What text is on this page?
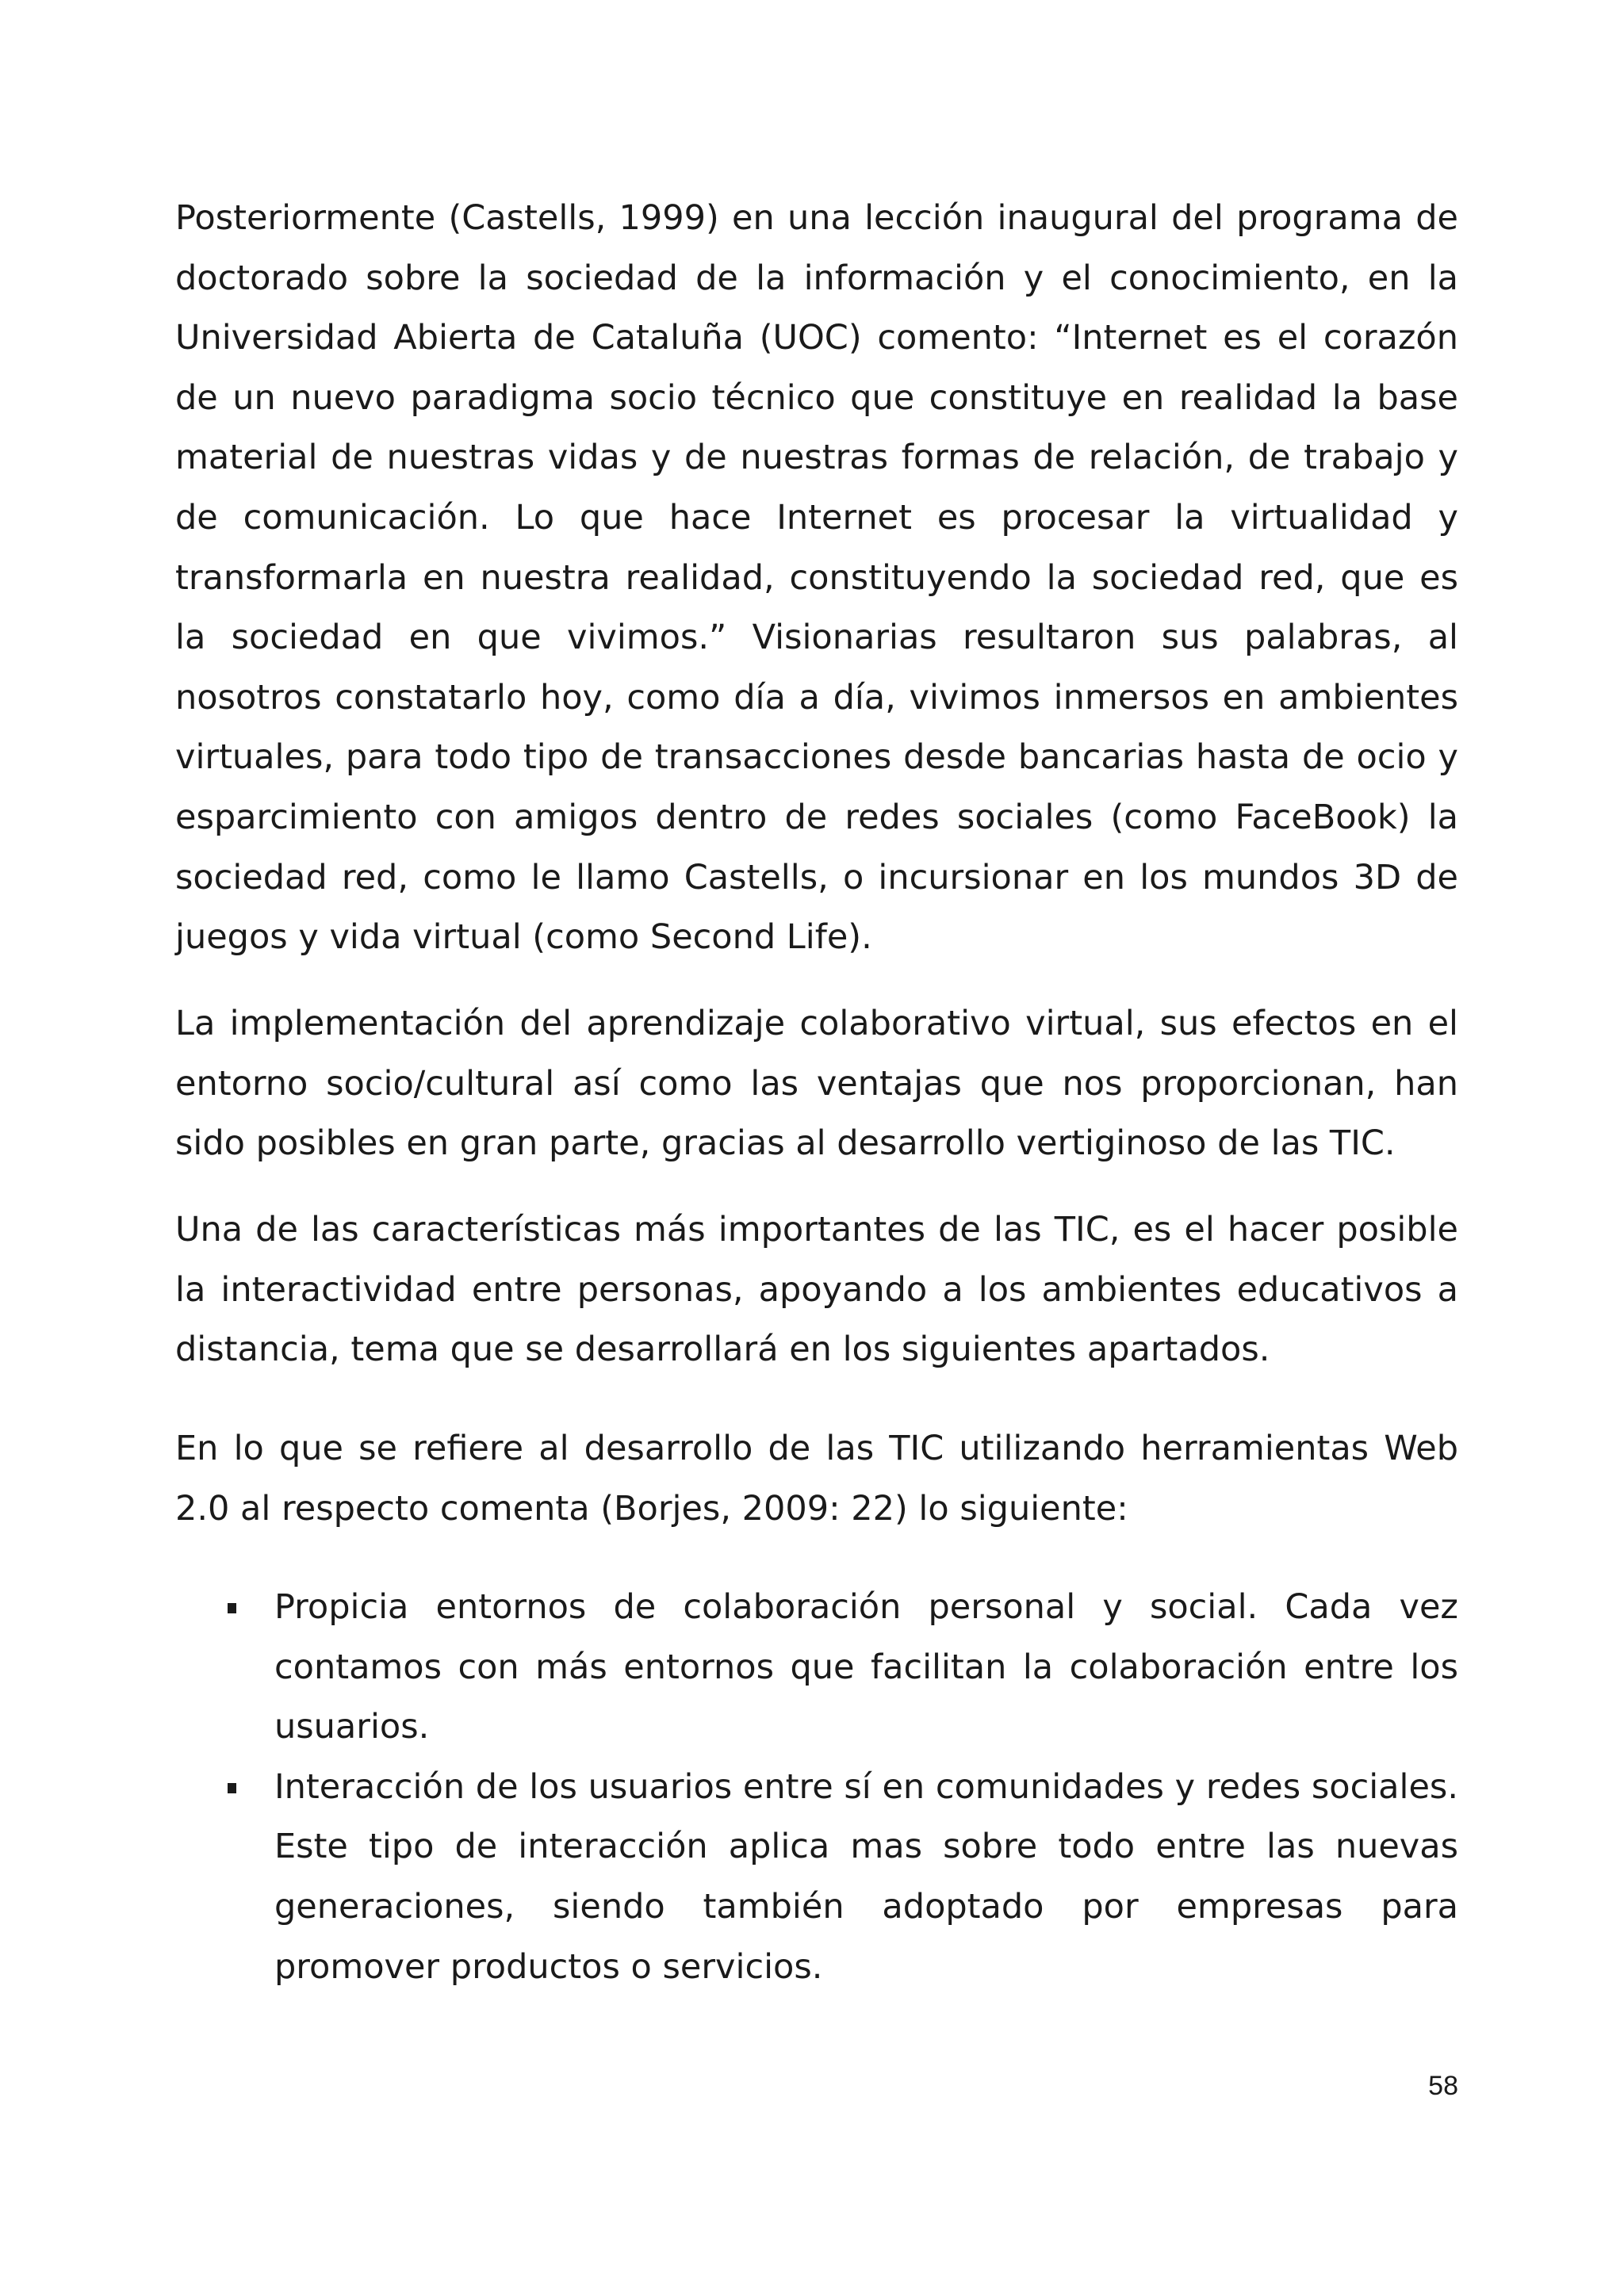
Posteriormente (Castells, 1999) en una lección inaugural del programa de doctorado sobre la sociedad de la información y el conocimiento, en la Universidad Abierta de Cataluña (UOC) comento: “Internet es el corazón de un nuevo paradigma socio técnico que constituye en realidad la base material de nuestras vidas y de nuestras formas de relación, de trabajo y de comunicación. Lo que hace Internet es procesar la virtualidad y transformarla en nuestra realidad, constituyendo la sociedad red, que es la sociedad en que vivimos.” Visionarias resultaron sus palabras, al nosotros constatarlo hoy, como día a día, vivimos inmersos en ambientes virtuales, para todo tipo de transacciones desde bancarias hasta de ocio y esparcimiento con amigos dentro de redes sociales (como FaceBook) la sociedad red, como le llamo Castells, o incursionar en los mundos 3D de juegos y vida virtual (como Second Life).

La implementación del aprendizaje colaborativo virtual, sus efectos en el entorno socio/cultural así como las ventajas que nos proporcionan, han sido posibles en gran parte, gracias al desarrollo vertiginoso de las TIC.

Una de las características más importantes de las TIC, es el hacer posible la interactividad entre personas, apoyando a los ambientes educativos a distancia, tema que se desarrollará en los siguientes apartados.

En lo que se refiere al desarrollo de las TIC utilizando herramientas Web 2.0 al respecto comenta (Borjes, 2009: 22) lo siguiente:

Propicia entornos de colaboración personal y social. Cada vez contamos con más entornos que facilitan la colaboración entre los usuarios.
Interacción de los usuarios entre sí en comunidades y redes sociales. Este tipo de interacción aplica mas sobre todo entre las nuevas generaciones, siendo también adoptado por empresas para promover productos o servicios.
58
